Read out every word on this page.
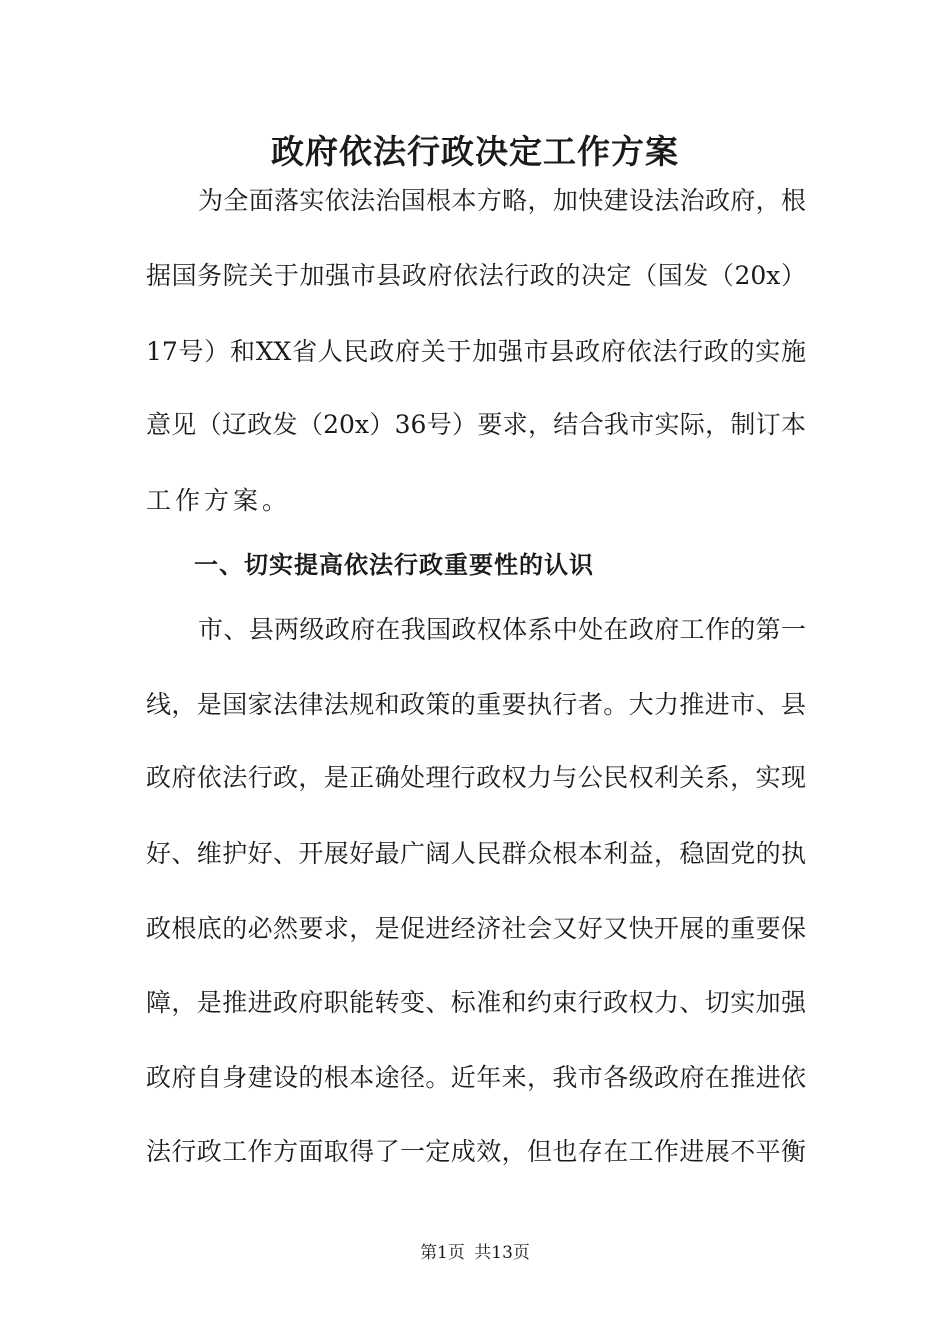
政府依法行政决定工作方案
为全面落实依法治国根本方略，加快建设法治政府，根
据国务院关于加强市县政府依法行政的决定（国发（20x）
17号）和XX省人民政府关于加强市县政府依法行政的实施
意见（辽政发（20x）36号）要求，结合我市实际，制订本
工作方案。
一、切实提高依法行政重要性的认识
市、县两级政府在我国政权体系中处在政府工作的第一
线，是国家法律法规和政策的重要执行者。大力推进市、县
政府依法行政，是正确处理行政权力与公民权利关系，实现
好、维护好、开展好最广阔人民群众根本利益，稳固党的执
政根底的必然要求，是促进经济社会又好又快开展的重要保
障，是推进政府职能转变、标准和约束行政权力、切实加强
政府自身建设的根本途径。近年来，我市各级政府在推进依
法行政工作方面取得了一定成效，但也存在工作进展不平衡
第1页 共13页
